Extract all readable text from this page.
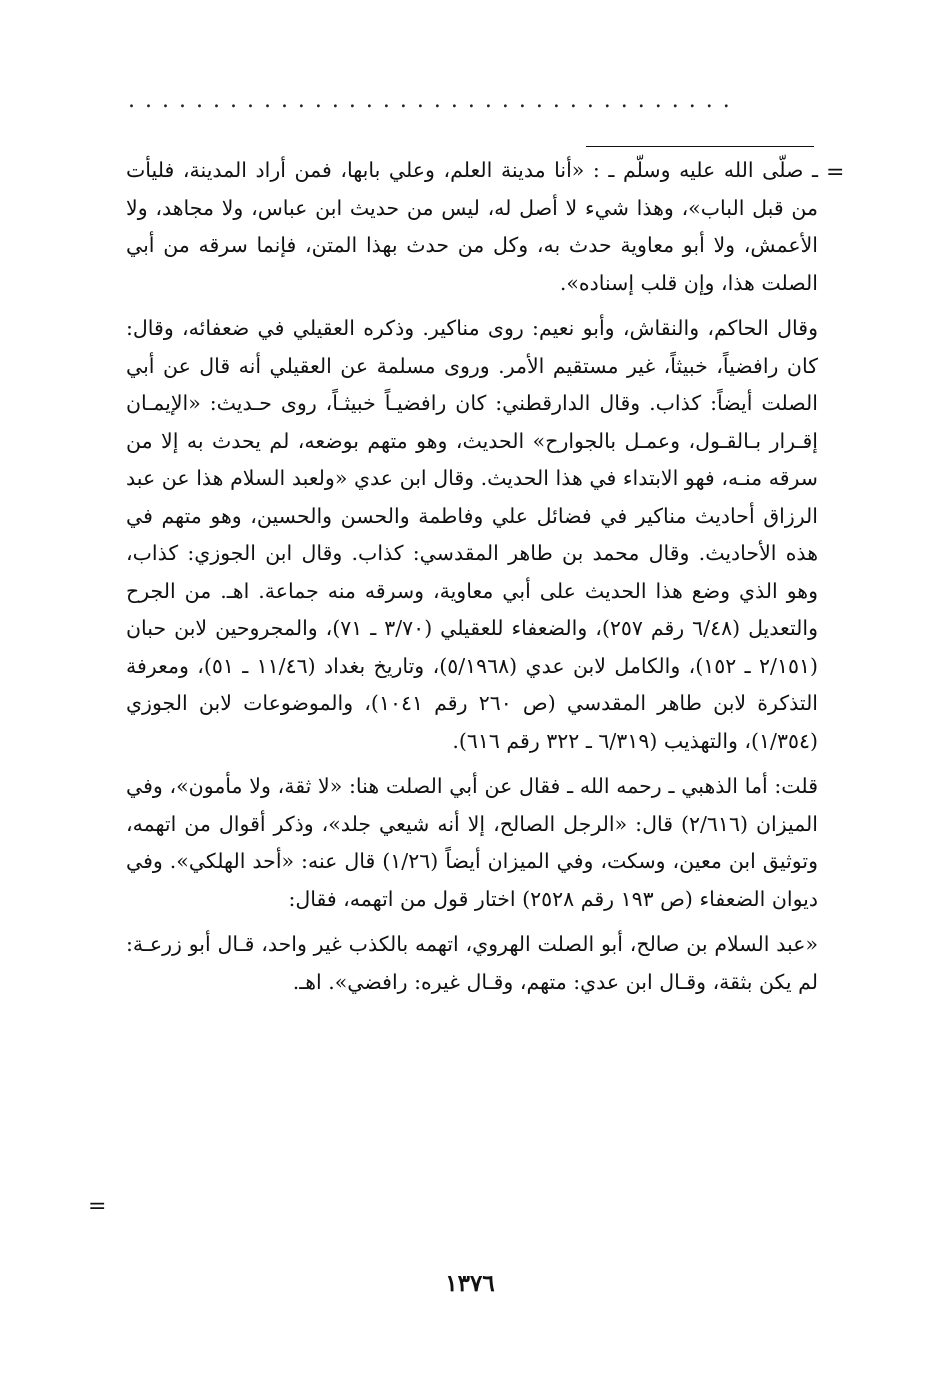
....................................
=
=

ـ صلّى الله عليه وسلّم ـ : «أنا مدينة العلم، وعلي بابها، فمن أراد المدينة، فليأت من قبل الباب»، وهذا شيء لا أصل له، ليس من حديث ابن عباس، ولا مجاهد، ولا الأعمش، ولا أبو معاوية حدث به، وكل من حدث بهذا المتن، فإنما سرقه من أبي الصلت هذا، وإن قلب إسناده».

وقال الحاكم، والنقاش، وأبو نعيم: روى مناكير. وذكره العقيلي في ضعفائه، وقال: كان رافضياً، خبيثاً، غير مستقيم الأمر. وروى مسلمة عن العقيلي أنه قال عن أبي الصلت أيضاً: كذاب. وقال الدارقطني: كان رافضيـاً خبيثـاً، روى حـديث: «الإيمـان إقـرار بـالقـول، وعمـل بالجوارح» الحديث، وهو متهم بوضعه، لم يحدث به إلا من سرقه منـه، فهو الابتداء في هذا الحديث. وقال ابن عدي «ولعبد السلام هذا عن عبد الرزاق أحاديث مناكير في فضائل علي وفاطمة والحسن والحسين، وهو متهم في هذه الأحاديث. وقال محمد بن طاهر المقدسي: كذاب. وقال ابن الجوزي: كذاب، وهو الذي وضع هذا الحديث على أبي معاوية، وسرقه منه جماعة. اهـ. من الجرح والتعديل (٦/٤٨ رقم ٢٥٧)، والضعفاء للعقيلي (٣/٧٠ ـ ٧١)، والمجروحين لابن حبان (٢/١٥١ ـ ١٥٢)، والكامل لابن عدي (٥/١٩٦٨)، وتاريخ بغداد (١١/٤٦ ـ ٥١)، ومعرفة التذكرة لابن طاهر المقدسي (ص ٢٦٠ رقم ١٠٤١)، والموضوعات لابن الجوزي (١/٣٥٤)، والتهذيب (٦/٣١٩ ـ ٣٢٢ رقم ٦١٦).

قلت: أما الذهبي ـ رحمه الله ـ فقال عن أبي الصلت هنا: «لا ثقة، ولا مأمون»، وفي الميزان (٢/٦١٦) قال: «الرجل الصالح، إلا أنه شيعي جلد»، وذكر أقوال من اتهمه، وتوثيق ابن معين، وسكت، وفي الميزان أيضاً (١/٢٦) قال عنه: «أحد الهلكي». وفي ديوان الضعفاء (ص ١٩٣ رقم ٢٥٢٨) اختار قول من اتهمه، فقال:

«عبد السلام بن صالح، أبو الصلت الهروي، اتهمه بالكذب غير واحد، قـال أبو زرعـة: لم يكن بثقة، وقـال ابن عدي: متهم، وقـال غيره: رافضي». اهـ.

١٣٧٦
